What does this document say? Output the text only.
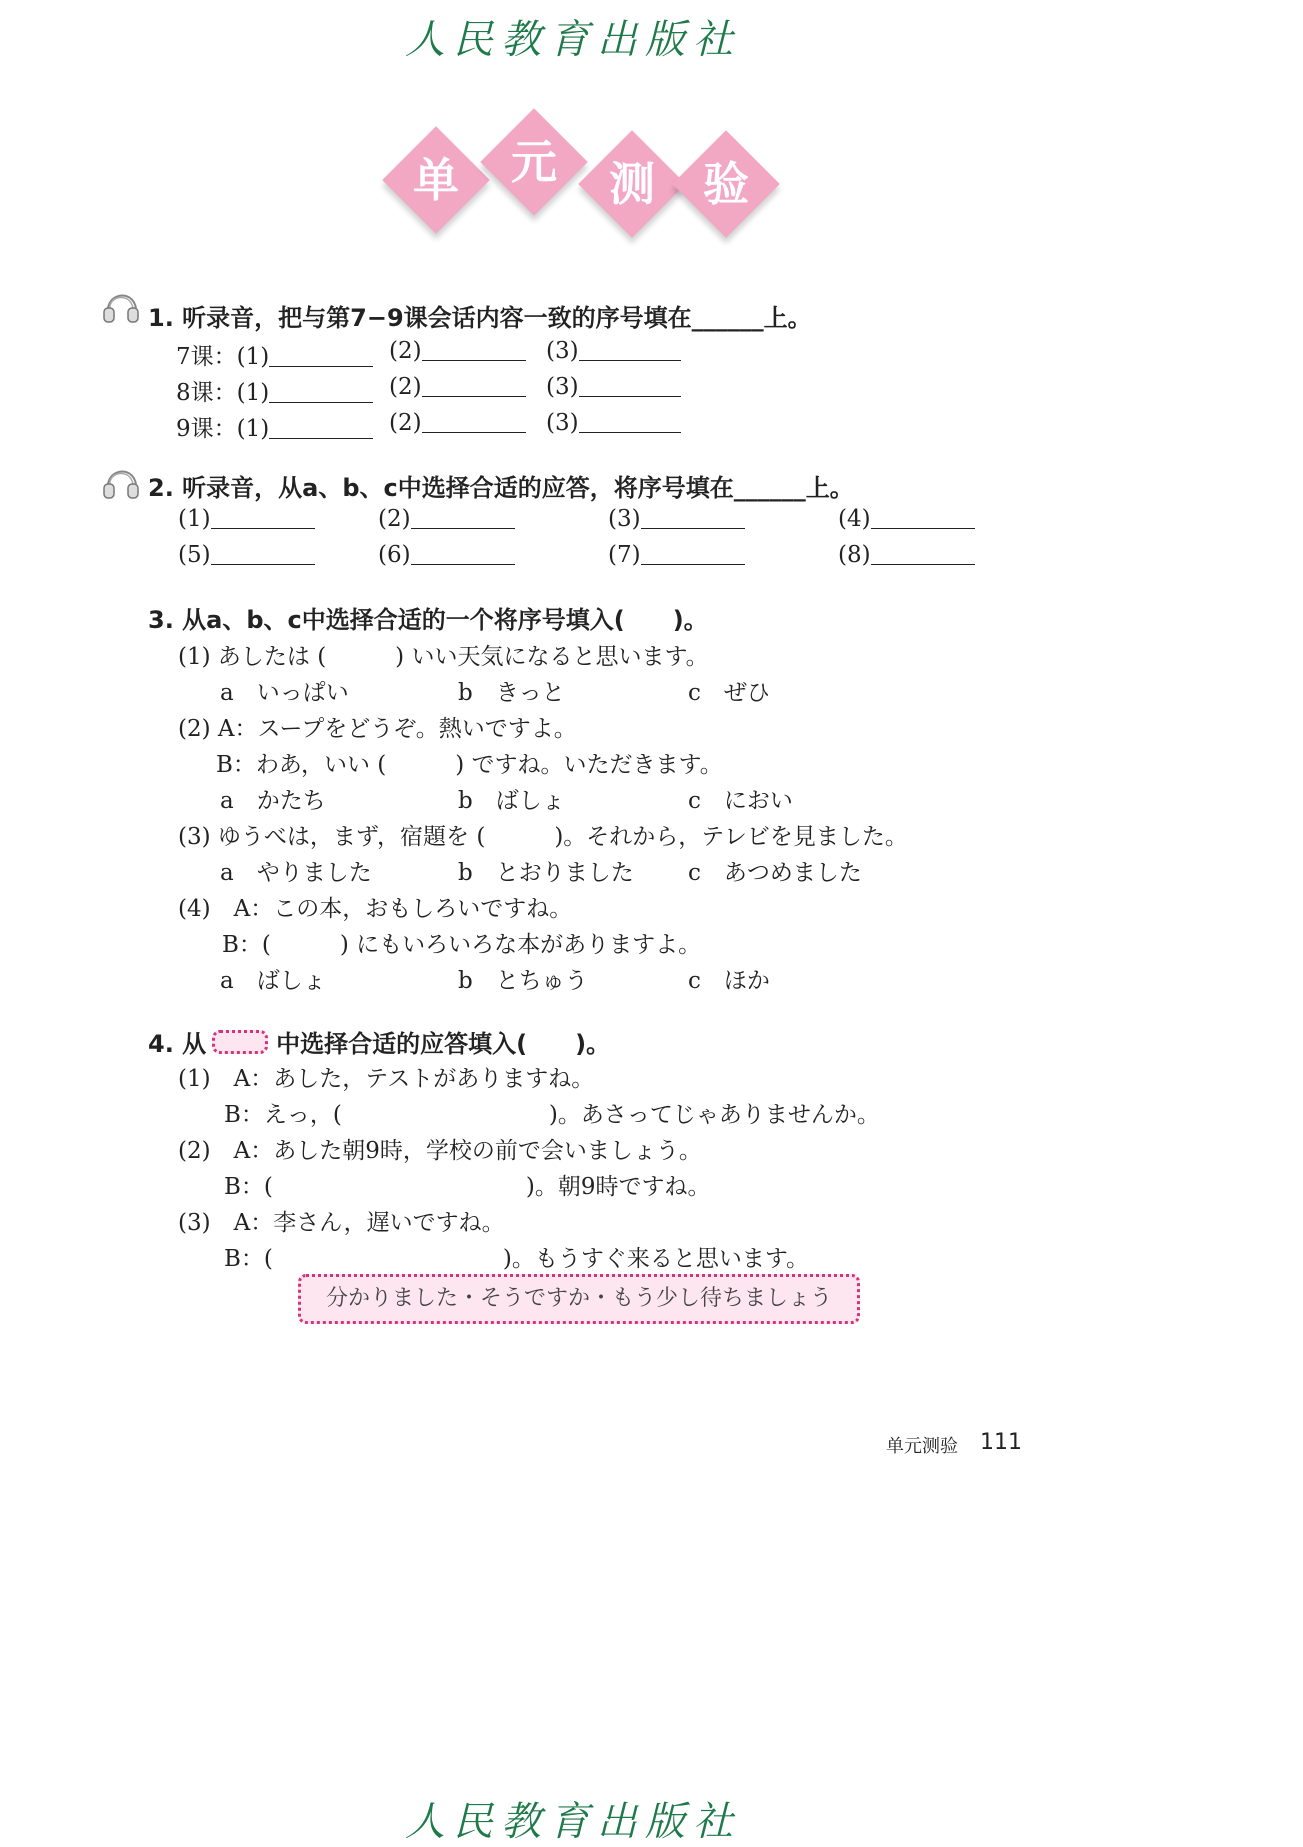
人民教育出版社
单	元	测	验
1. 听录音，把与第7−9课会话内容一致的序号填在______上。
7课：(1)	(2)	(3)
8课：(1)	(2)	(3)
9课：(1)	(2)	(3)
2. 听录音，从a、b、c中选择合适的应答，将序号填在______上。
(1)	(2)	(3)	(4)
(5)	(6)	(7)	(8)
3. 从a、b、c中选择合适的一个将序号填入(　　)。
(1) あしたは (　　　) いい天気になると思います。
a　いっぱい	b　きっと	c　ぜひ
(2) A：スープをどうぞ。熱いですよ。
B：わあ，いい (　　　) ですね。いただきます。
a　かたち	b　ばしょ	c　におい
(3) ゆうべは，まず，宿題を (　　　)。それから，テレビを見ました。
a　やりました	b　とおりました c　あつめました
(4)　A：この本，おもしろいですね。
B：(　　　) にもいろいろな本がありますよ。
a　ばしょ	b　とちゅう	c　ほか
4. 从	中选择合适的应答填入(　　)。
(1)　A：あした，テストがありますね。
B：えっ，(　　　　　　　　　)。あさってじゃありませんか。
(2)　A：あした朝9時，学校の前で会いましょう。
B：(　　　　　　　　　　　)。朝9時ですね。
(3)　A：李さん，遅いですね。
B：(　　　　　　　　　　)。もうすぐ来ると思います。
分かりました・そうですか・もう少し待ちましょう
单元测验 111
人民教育出版社
